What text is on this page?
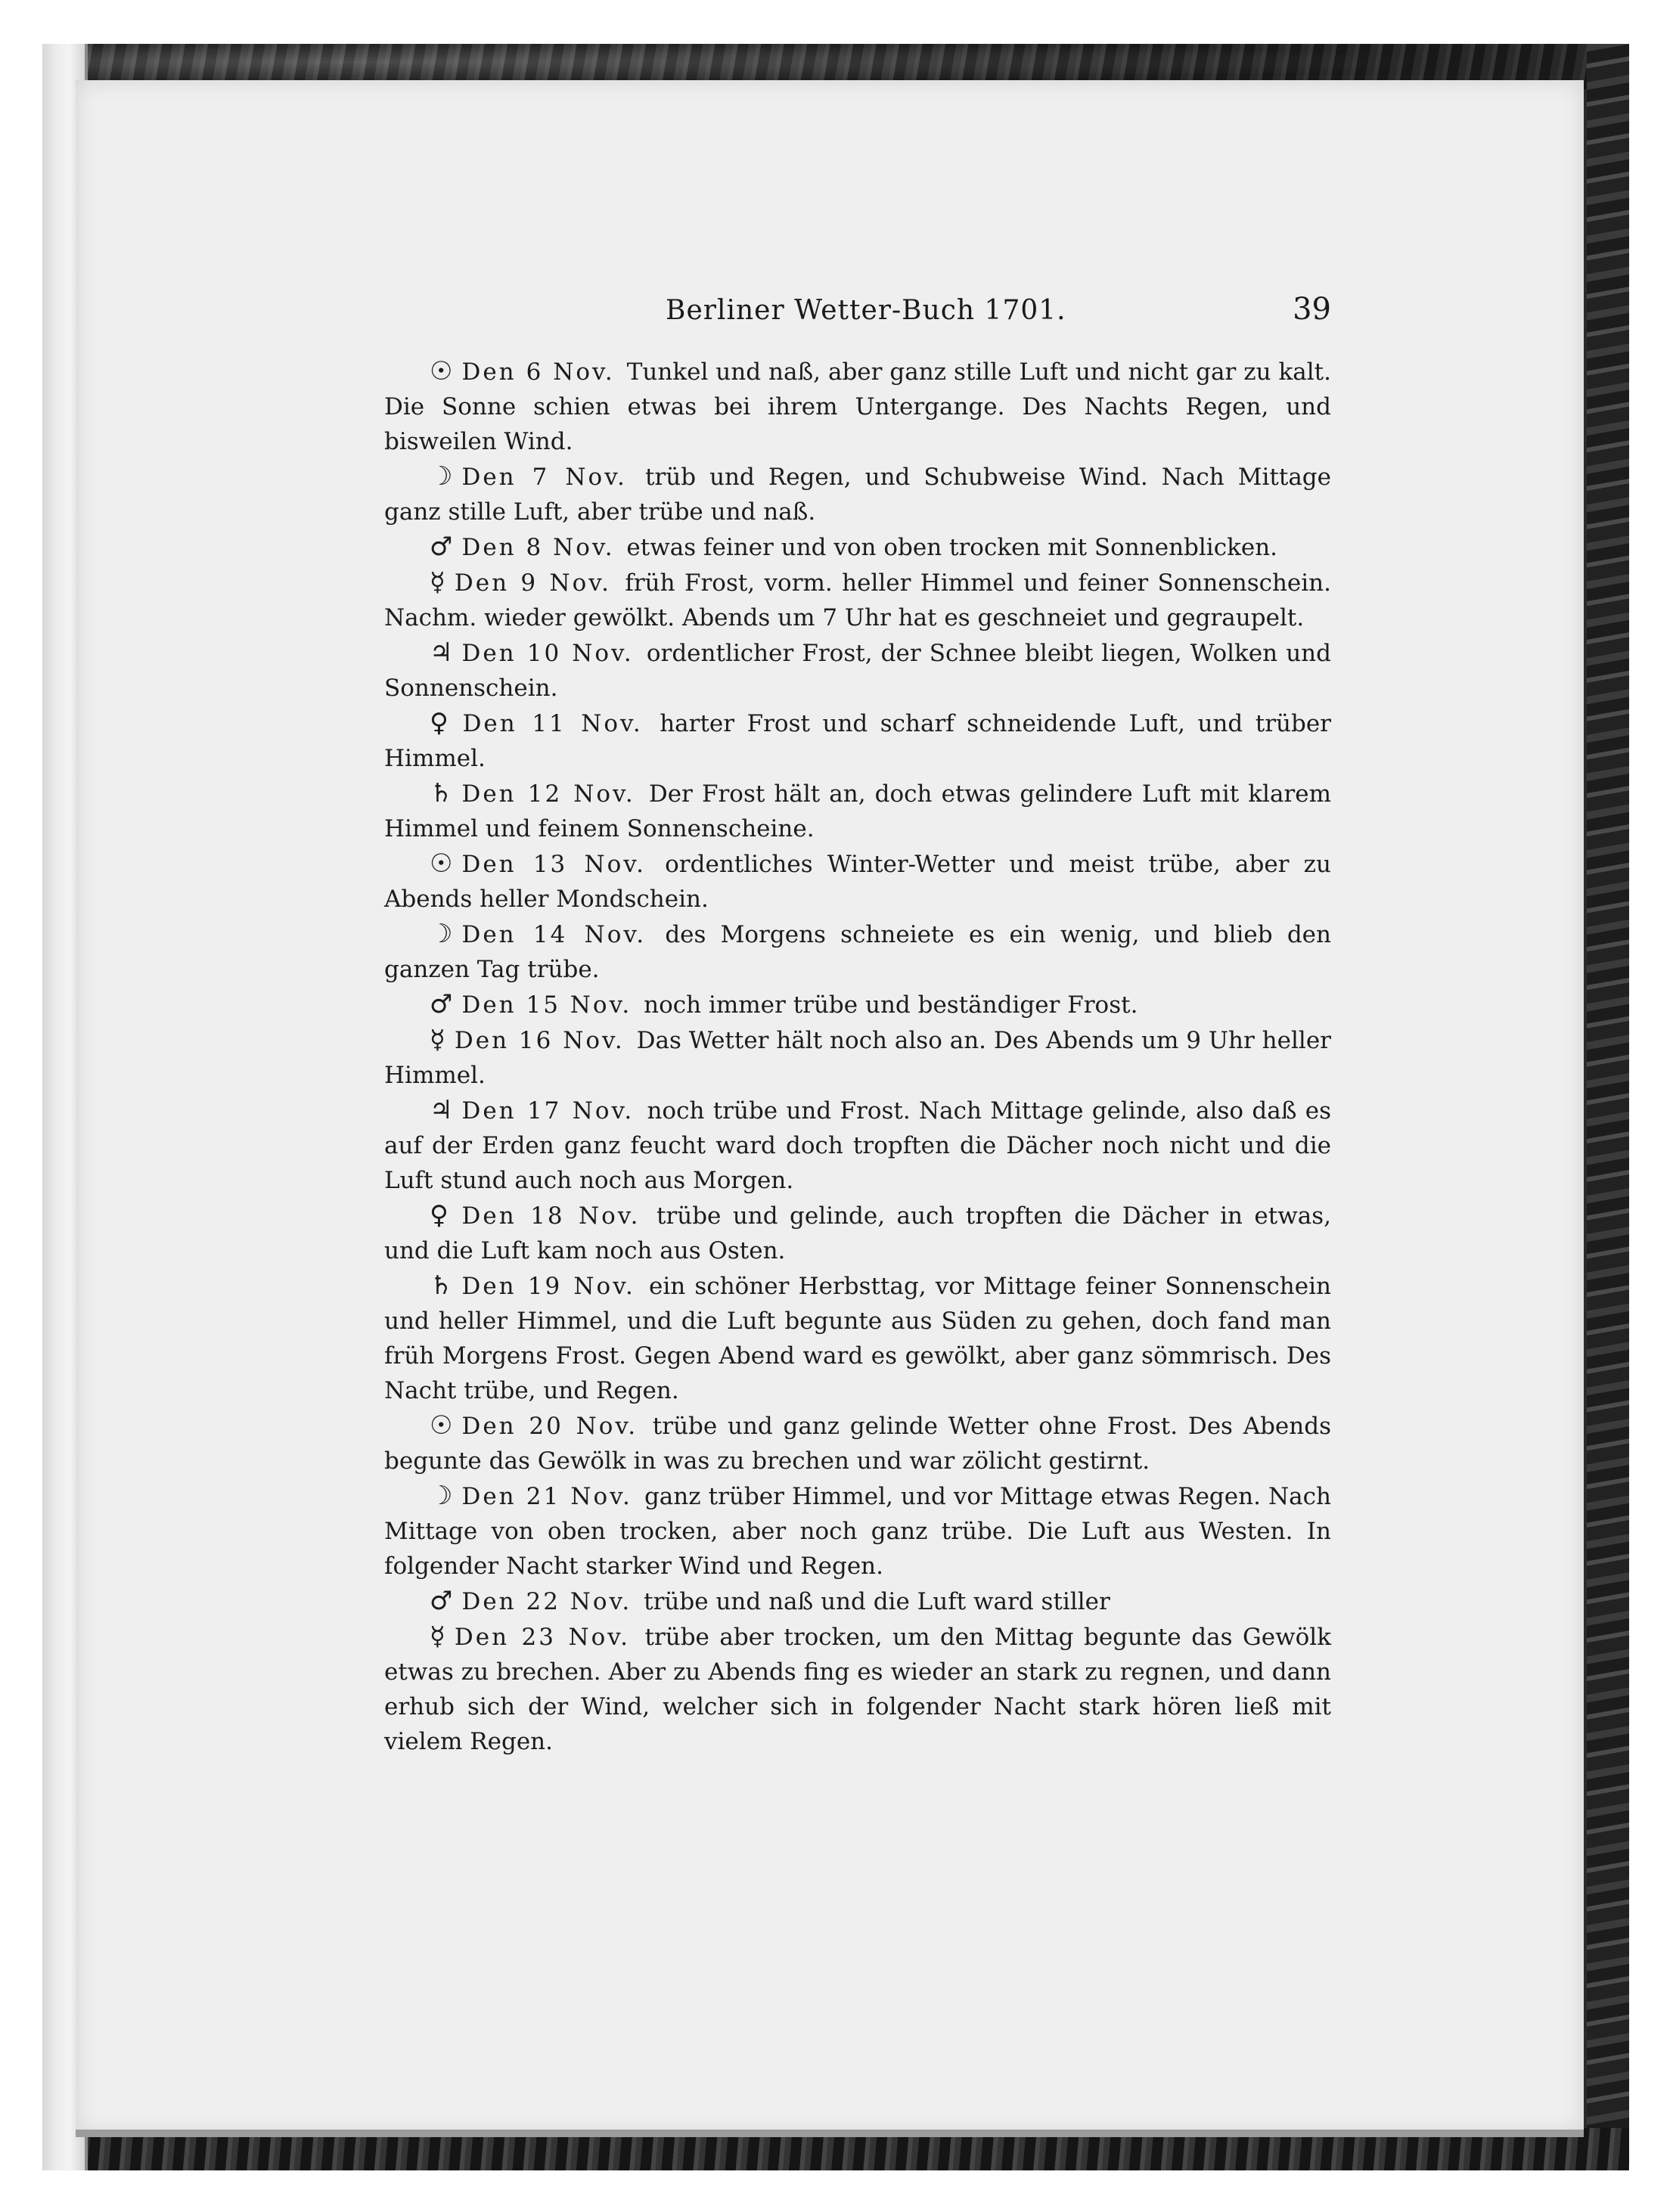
Berliner Wetter-Buch 1701.	39

☉ Den 6 Nov. Tunkel und naß, aber ganz stille Luft und nicht gar zu kalt. Die Sonne schien etwas bei ihrem Untergange. Des Nachts Regen, und bisweilen Wind.

☽ Den 7 Nov. trüb und Regen, und Schubweise Wind. Nach Mittage ganz stille Luft, aber trübe und naß.

♂ Den 8 Nov. etwas feiner und von oben trocken mit Sonnenblicken.

☿ Den 9 Nov. früh Frost, vorm. heller Himmel und feiner Sonnenschein. Nachm. wieder gewölkt. Abends um 7 Uhr hat es geschneiet und gegraupelt.

♃ Den 10 Nov. ordentlicher Frost, der Schnee bleibt liegen, Wolken und Sonnenschein.

♀ Den 11 Nov. harter Frost und scharf schneidende Luft, und trüber Himmel.

♄ Den 12 Nov. Der Frost hält an, doch etwas gelindere Luft mit klarem Himmel und feinem Sonnenscheine.

☉ Den 13 Nov. ordentliches Winter-Wetter und meist trübe, aber zu Abends heller Mondschein.

☽ Den 14 Nov. des Morgens schneiete es ein wenig, und blieb den ganzen Tag trübe.

♂ Den 15 Nov. noch immer trübe und beständiger Frost.

☿ Den 16 Nov. Das Wetter hält noch also an. Des Abends um 9 Uhr heller Himmel.

♃ Den 17 Nov. noch trübe und Frost. Nach Mittage gelinde, also daß es auf der Erden ganz feucht ward doch tropften die Dächer noch nicht und die Luft stund auch noch aus Morgen.

♀ Den 18 Nov. trübe und gelinde, auch tropften die Dächer in etwas, und die Luft kam noch aus Osten.

♄ Den 19 Nov. ein schöner Herbsttag, vor Mittage feiner Sonnenschein und heller Himmel, und die Luft begunte aus Süden zu gehen, doch fand man früh Morgens Frost. Gegen Abend ward es gewölkt, aber ganz sömmrisch. Des Nacht trübe, und Regen.

☉ Den 20 Nov. trübe und ganz gelinde Wetter ohne Frost. Des Abends begunte das Gewölk in was zu brechen und war zölicht gestirnt.

☽ Den 21 Nov. ganz trüber Himmel, und vor Mittage etwas Regen. Nach Mittage von oben trocken, aber noch ganz trübe. Die Luft aus Westen. In folgender Nacht starker Wind und Regen.

♂ Den 22 Nov. trübe und naß und die Luft ward stiller

☿ Den 23 Nov. trübe aber trocken, um den Mittag begunte das Gewölk etwas zu brechen. Aber zu Abends fing es wieder an stark zu regnen, und dann erhub sich der Wind, welcher sich in folgender Nacht stark hören ließ mit vielem Regen.
